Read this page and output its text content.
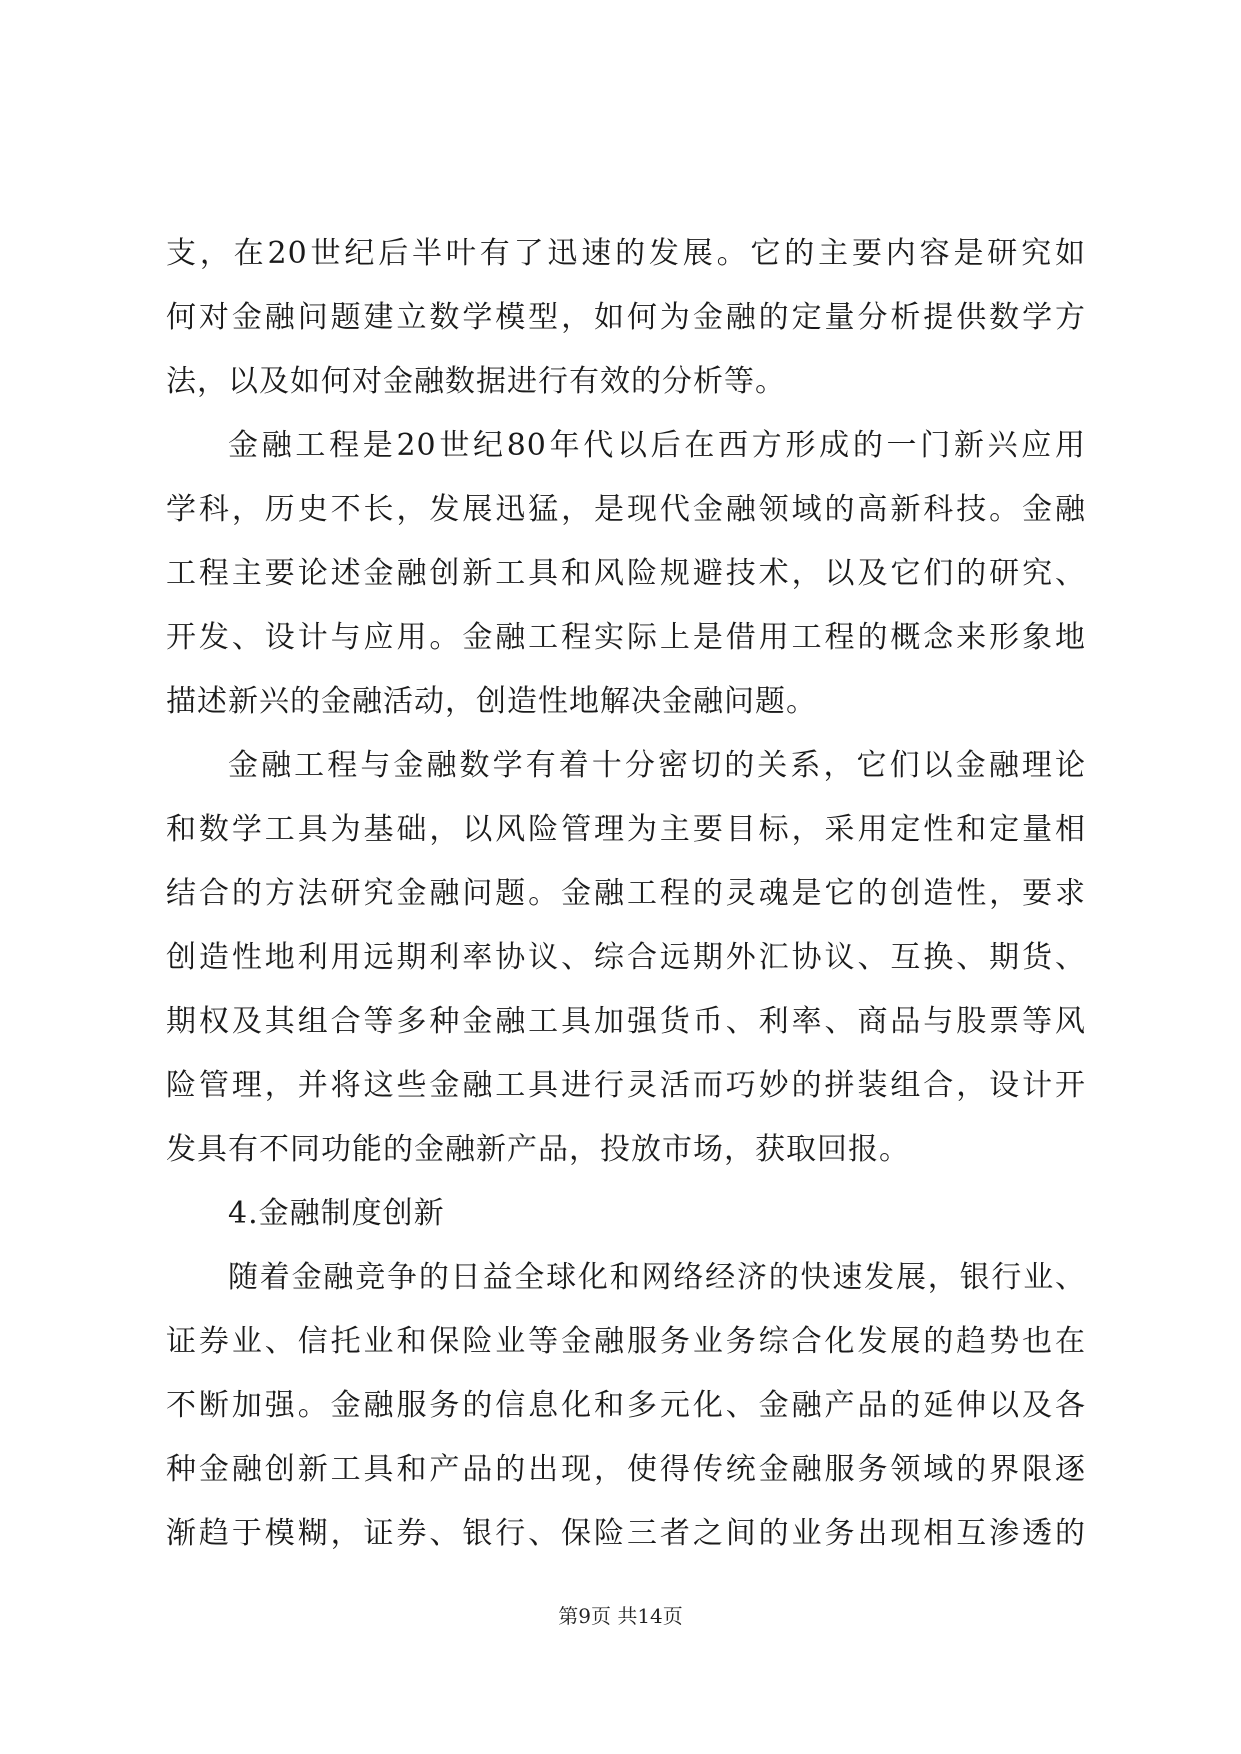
支，在20世纪后半叶有了迅速的发展。它的主要内容是研究如
何对金融问题建立数学模型，如何为金融的定量分析提供数学方
法，以及如何对金融数据进行有效的分析等。
金融工程是20世纪80年代以后在西方形成的一门新兴应用
学科，历史不长，发展迅猛，是现代金融领域的高新科技。金融
工程主要论述金融创新工具和风险规避技术，以及它们的研究、
开发、设计与应用。金融工程实际上是借用工程的概念来形象地
描述新兴的金融活动，创造性地解决金融问题。
金融工程与金融数学有着十分密切的关系，它们以金融理论
和数学工具为基础，以风险管理为主要目标，采用定性和定量相
结合的方法研究金融问题。金融工程的灵魂是它的创造性，要求
创造性地利用远期利率协议、综合远期外汇协议、互换、期货、
期权及其组合等多种金融工具加强货币、利率、商品与股票等风
险管理，并将这些金融工具进行灵活而巧妙的拼装组合，设计开
发具有不同功能的金融新产品，投放市场，获取回报。
4.金融制度创新
随着金融竞争的日益全球化和网络经济的快速发展，银行业、
证券业、信托业和保险业等金融服务业务综合化发展的趋势也在
不断加强。金融服务的信息化和多元化、金融产品的延伸以及各
种金融创新工具和产品的出现，使得传统金融服务领域的界限逐
渐趋于模糊，证券、银行、保险三者之间的业务出现相互渗透的
第9页 共14页
